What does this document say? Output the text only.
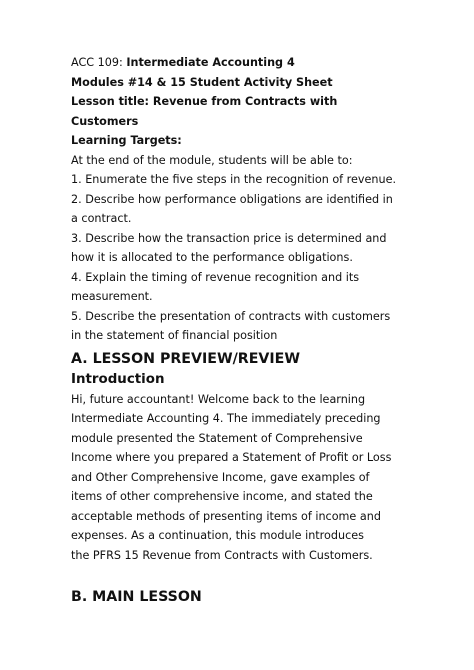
ACC 109: Intermediate Accounting 4
Modules #14 & 15 Student Activity Sheet
Lesson title: Revenue from Contracts with
Customers
Learning Targets:
At the end of the module, students will be able to:
1. Enumerate the five steps in the recognition of revenue.
2. Describe how performance obligations are identified in
a contract.
3. Describe how the transaction price is determined and
how it is allocated to the performance obligations.
4. Explain the timing of revenue recognition and its
measurement.
5. Describe the presentation of contracts with customers
in the statement of financial position
A. LESSON PREVIEW/REVIEW
Introduction
Hi, future accountant! Welcome back to the learning
Intermediate Accounting 4. The immediately preceding
module presented the Statement of Comprehensive
Income where you prepared a Statement of Profit or Loss
and Other Comprehensive Income, gave examples of
items of other comprehensive income, and stated the
acceptable methods of presenting items of income and
expenses. As a continuation, this module introduces
the PFRS 15 Revenue from Contracts with Customers.
B. MAIN LESSON
